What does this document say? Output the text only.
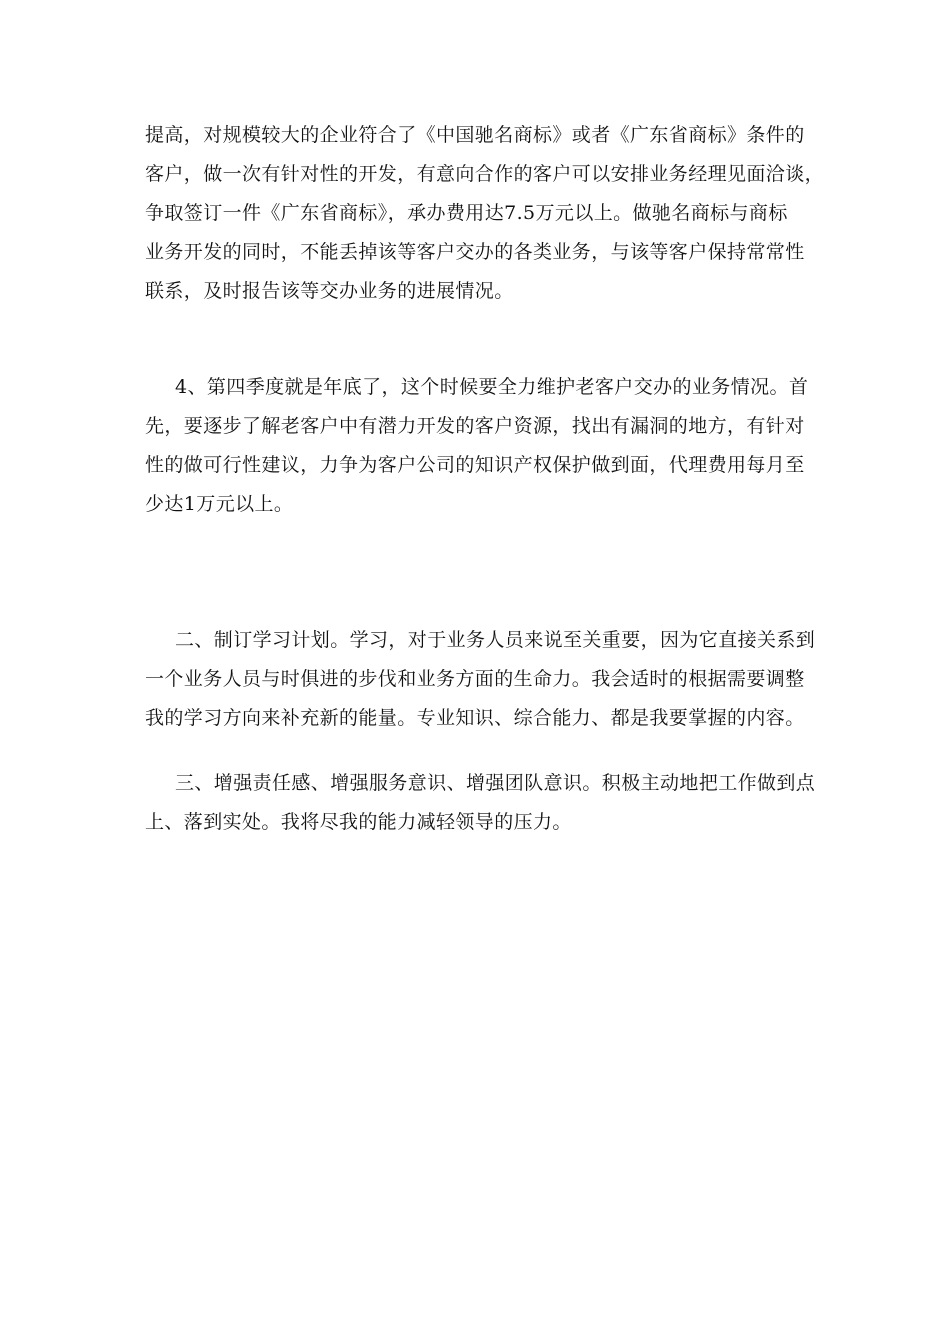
提高，对规模较大的企业符合了《中国驰名商标》或者《广东省商标》条件的
客户，做一次有针对性的开发，有意向合作的客户可以安排业务经理见面洽谈，
争取签订一件《广东省商标》，承办费用达7.5万元以上。做驰名商标与商标
业务开发的同时，不能丢掉该等客户交办的各类业务，与该等客户保持常常性
联系，及时报告该等交办业务的进展情况。

4、第四季度就是年底了，这个时候要全力维护老客户交办的业务情况。首
先，要逐步了解老客户中有潜力开发的客户资源，找出有漏洞的地方，有针对
性的做可行性建议，力争为客户公司的知识产权保护做到面，代理费用每月至
少达1万元以上。

二、制订学习计划。学习，对于业务人员来说至关重要，因为它直接关系到
一个业务人员与时俱进的步伐和业务方面的生命力。我会适时的根据需要调整
我的学习方向来补充新的能量。专业知识、综合能力、都是我要掌握的内容。

三、增强责任感、增强服务意识、增强团队意识。积极主动地把工作做到点
上、落到实处。我将尽我的能力减轻领导的压力。
